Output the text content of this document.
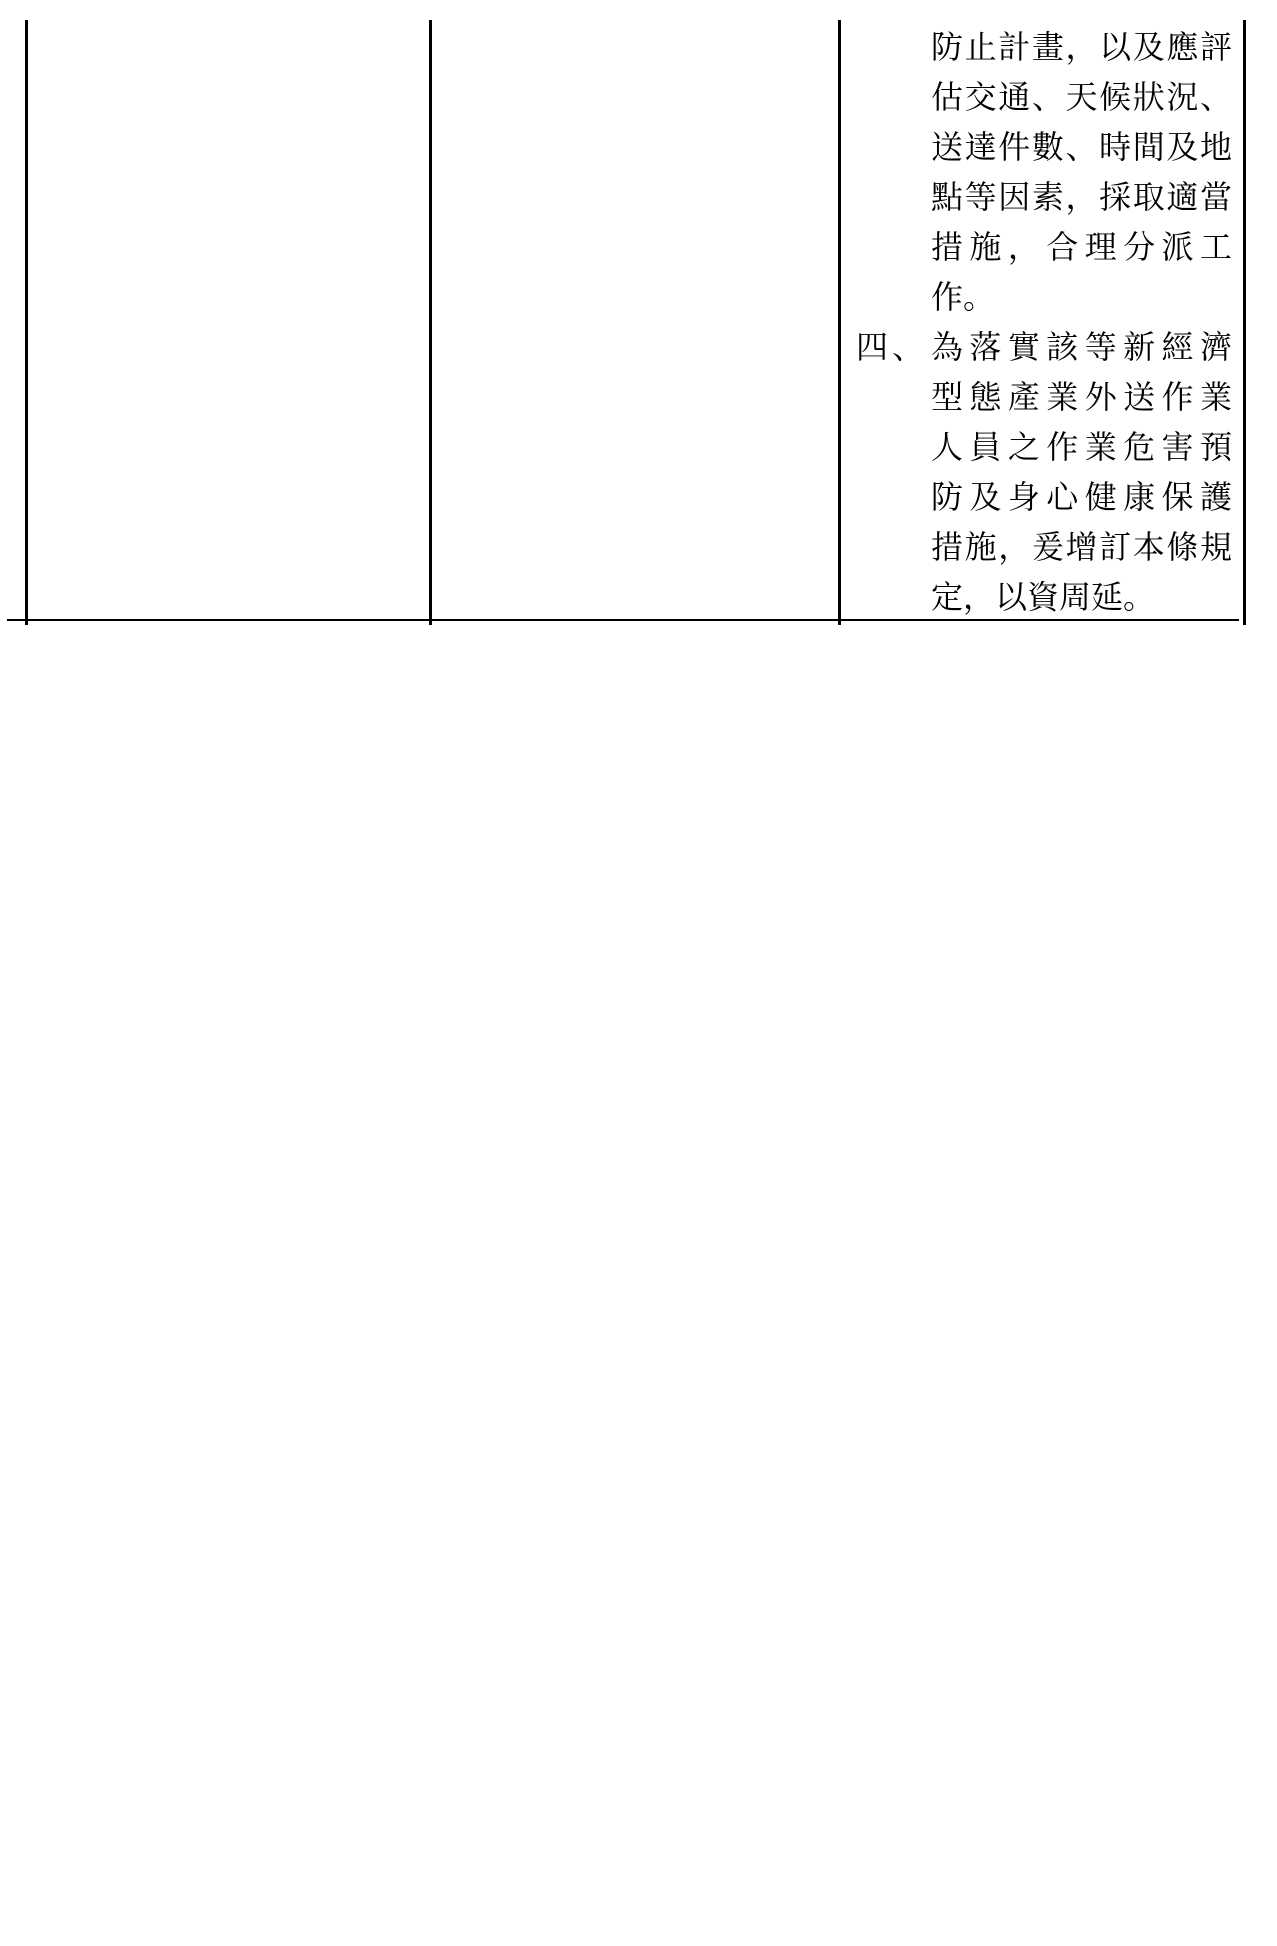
防止計畫，以及應評
估交通、天候狀況、
送達件數、時間及地
點等因素，採取適當
措施，合理分派工
作。
四、 為落實該等新經濟
型態產業外送作業
人員之作業危害預
防及身心健康保護
措施，爰增訂本條規
定，以資周延。
